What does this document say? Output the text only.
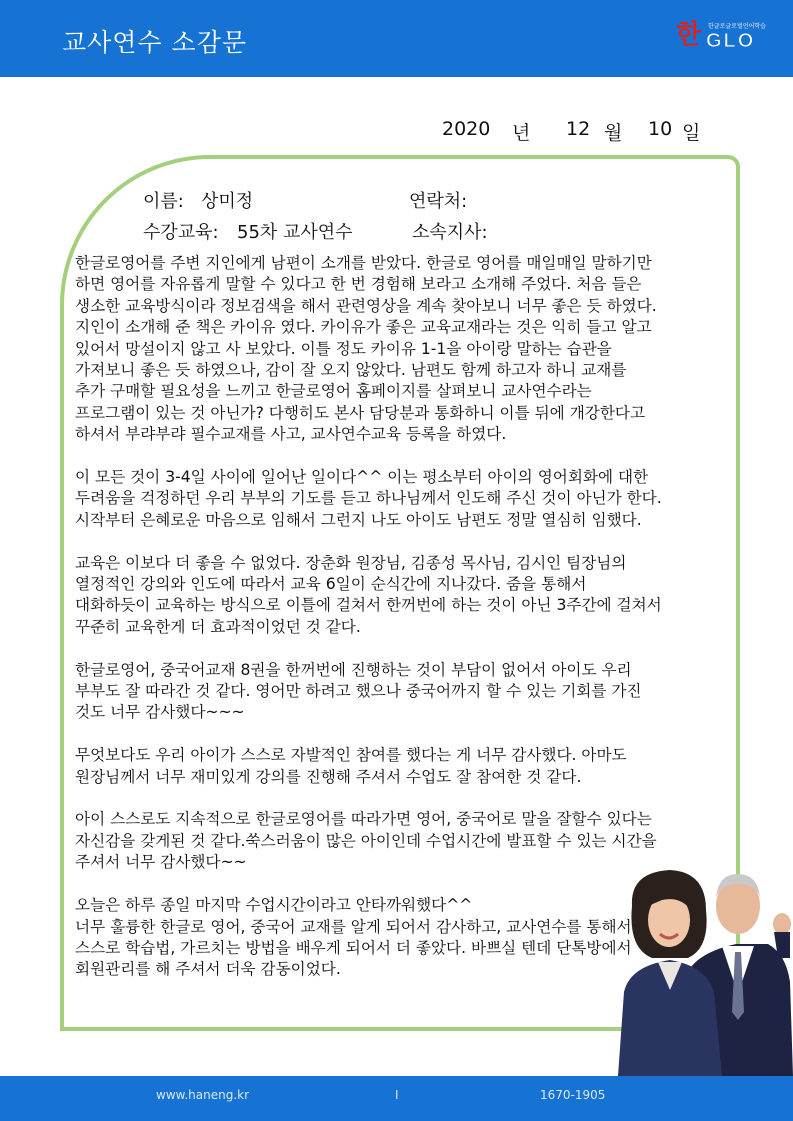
교사연수 소감문	한 한글로글로벌언어학습
GLO
2020 년 12 월 10 일
이름: 상미정	연락처:
수강교육: 55차 교사연수	소속지사:

한글로영어를 주변 지인에게 남편이 소개를 받았다. 한글로 영어를 매일매일 말하기만
하면 영어를 자유롭게 말할 수 있다고 한 번 경험해 보라고 소개해 주었다. 처음 들은
생소한 교육방식이라 정보검색을 해서 관련영상을 계속 찾아보니 너무 좋은 듯 하였다.
지인이 소개해 준 책은 카이유 였다. 카이유가 좋은 교육교재라는 것은 익히 들고 알고
있어서 망설이지 않고 사 보았다. 이틀 정도 카이유 1-1을 아이랑 말하는 습관을
가져보니 좋은 듯 하였으나, 감이 잘 오지 않았다. 남편도 함께 하고자 하니 교재를
추가 구매할 필요성을 느끼고 한글로영어 홈페이지를 살펴보니 교사연수라는
프로그램이 있는 것 아닌가? 다행히도 본사 담당분과 통화하니 이틀 뒤에 개강한다고
하셔서 부랴부랴 필수교재를 사고, 교사연수교육 등록을 하였다.

이 모든 것이 3-4일 사이에 일어난 일이다^^ 이는 평소부터 아이의 영어회화에 대한
두려움을 걱정하던 우리 부부의 기도를 듣고 하나님께서 인도해 주신 것이 아닌가 한다.
시작부터 은혜로운 마음으로 임해서 그런지 나도 아이도 남편도 정말 열심히 임했다.

교육은 이보다 더 좋을 수 없었다. 장춘화 원장님, 김종성 목사님, 김시인 팀장님의
열정적인 강의와 인도에 따라서 교육 6일이 순식간에 지나갔다. 줌을 통해서
대화하듯이 교육하는 방식으로 이틀에 걸쳐서 한꺼번에 하는 것이 아닌 3주간에 걸쳐서
꾸준히 교육한게 더 효과적이었던 것 같다.

한글로영어, 중국어교재 8권을 한꺼번에 진행하는 것이 부담이 없어서 아이도 우리
부부도 잘 따라간 것 같다. 영어만 하려고 했으나 중국어까지 할 수 있는 기회를 가진
것도 너무 감사했다~~~

무엇보다도 우리 아이가 스스로 자발적인 참여를 했다는 게 너무 감사했다. 아마도
원장님께서 너무 재미있게 강의를 진행해 주셔서 수업도 잘 참여한 것 같다.

아이 스스로도 지속적으로 한글로영어를 따라가면 영어, 중국어로 말을 잘할수 있다는
자신감을 갖게된 것 같다.쑥스러움이 많은 아이인데 수업시간에 발표할 수 있는 시간을
주셔서 너무 감사했다~~

오늘은 하루 종일 마지막 수업시간이라고 안타까워했다^^
너무 훌륭한 한글로 영어, 중국어 교재를 알게 되어서 감사하고, 교사연수를 통해서
스스로 학습법, 가르치는 방법을 배우게 되어서 더 좋았다. 바쁘실 텐데 단톡방에서
회원관리를 해 주셔서 더욱 감동이었다.

www.haneng.kr	I	1670-1905
